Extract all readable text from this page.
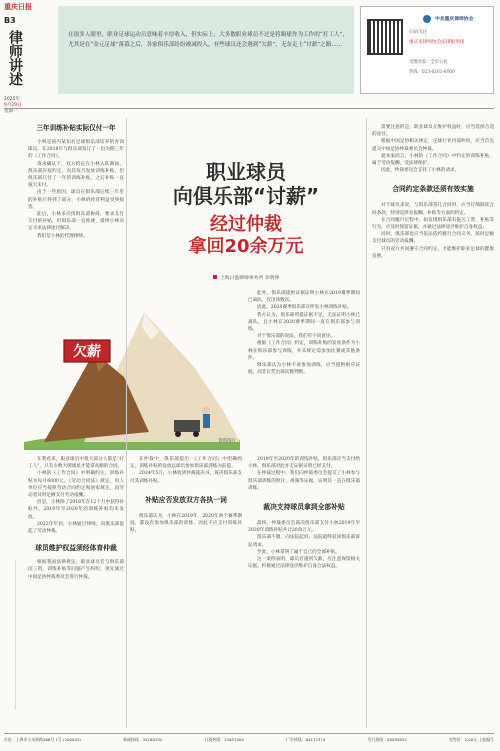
重庆日报
B3
律师讲述
2025年
9月29日
星期一
在很多人眼里，职业足球运动员意味着丰厚收入，但实际上，大多数职业球员不过是将踢球作为工作的“打工人”，尤其是在“金元足球”落幕之后，各家俱乐部纷纷被减投入，有些球员还会遇到“欠薪”，无奈走上“讨薪”之路……
中共重庆律师协会
扫码关注
重庆市律师协会法律服务线
受理对象：全市公民
热线：023-6161-6000
三年训练补贴实际仅付一年

小林是国内某知名足球俱乐部培养的青训球员。在2018年与俱乐部签订了一份为期三年的《工作合同》。

请求确认下，双方约定在小林入队期间，俱乐部应按约定，向其每月发放训练补贴，但俱乐部只付了一年的训练补贴，之后补贴一直拖欠未付。

由于一些原因，球员在俱乐部后续三年里的补贴只得到了部分，小林的经济利益受到损害。

此后，小林多次找俱乐部协商，要求支付欠付的补贴，但俱乐部一直推诿，最终小林决定寻求法律途径解决。

我们是小林的代理律师。

职业球员
向俱乐部“讨薪”
经过仲裁
拿回20余万元
上海日盈律师事务所 李明律

需要注意的是，职业球员在维护权益时，应当选择合适的途径。

根据中国足协相关规定，足球行业内部纠纷，应当首先提交中国足协仲裁委员会仲裁。

就本案而言，小林的《工作合同》中约定的训练补贴，属于劳动报酬，受法律保护。

因此，仲裁委员会支持了小林的请求。

合同约定条款还须有效实施

对于球员来说，与俱乐部签订合同时，应当仔细阅读合同条款，特别是涉及报酬、补贴等方面的约定。

在合同履行过程中，如发现俱乐部有拖欠工资、补贴等行为，应及时保留证据，并通过法律途径维护自身权益。

同时，俱乐部也应当依法依约履行合同义务，按时足额支付球员的劳动报酬。

只有双方共同遵守合同约定，才能维护职业足球的健康发展。

欠薪
资料图片

此外，俱乐部提供证据证明小林在2019赛季期间已离队，仅出场数次。

因此，2020赛季俱乐部应停发小林训练补贴。

我方认为，俱乐部所提证据不足，无法证明小林已离队，且小林在2020赛季期间一直在俱乐部参与训练。

对于俱乐部的说法，我们有不同意见。

根据《工作合同》约定，训练补贴的发放条件为小林在俱乐部参与训练，并未规定需参加比赛或其他条件。

俱乐部认为小林不再参加训练，应当提供相应证据，而非仅凭出场次数判断。

在我看来，职业球员中很大部分人都是“打工人”，只有少数大牌球星才能拿高额的合同。

小林的《工作合同》中明确约定，训练补贴为每月6000元。《劳动合同法》规定，用人单位应当按照劳动合同约定和国家规定，向劳动者及时足额支付劳动报酬。

但是，小林除了2018年在12个月中获得补贴外，2019年至2020年的训练补贴均未发放。

2023年年初，小林通过律师，向俱乐部提起了劳动仲裁。

球员维护权益须经体育仲裁

根据我国法律规定，职业球员若与俱乐部因工资、训练补贴等问题产生纠纷，须先通过中国足协仲裁委员会进行仲裁。

在仲裁中，俱乐部提出：《工作合同》中明确约定，训练补贴的发放以球员参加俱乐部训练为前提。

2024年5月，小林收到仲裁裁决书，裁决俱乐部支付其训练补贴。

补贴应否发放双方各执一词

俱乐部认为，小林在2019年、2020年两个赛季期间，都没有参加俱乐部的训练，因此不应支付训练补贴。

2019年至2020年的训练补贴，俱乐部应当支付给小林，俱乐部对此并无证据证明已经支付。

在仲裁过程中，我们向仲裁委员会提交了小林参与俱乐部训练的照片、视频等证据，证明其一直在俱乐部训练。

裁决支持球员拿到全部补贴

最终，仲裁委员会裁决俱乐部支付小林2019年至2020年训练补贴共计20余万元。

俱乐部不服，向法院起诉，法院最终驳回俱乐部诉讼请求。

至此，小林拿到了属于自己的全部补贴。

这一案例表明，球员若遇到欠薪，应注意保留相关证据，积极通过法律途径维护自身合法权益。

社址：上海市小木桥路268号 1号 (200032)	新闻热线：34160932	订阅热线：33657000	广告热线：64177374	发行热线：28093832	零售价：2.00元 上报编号
